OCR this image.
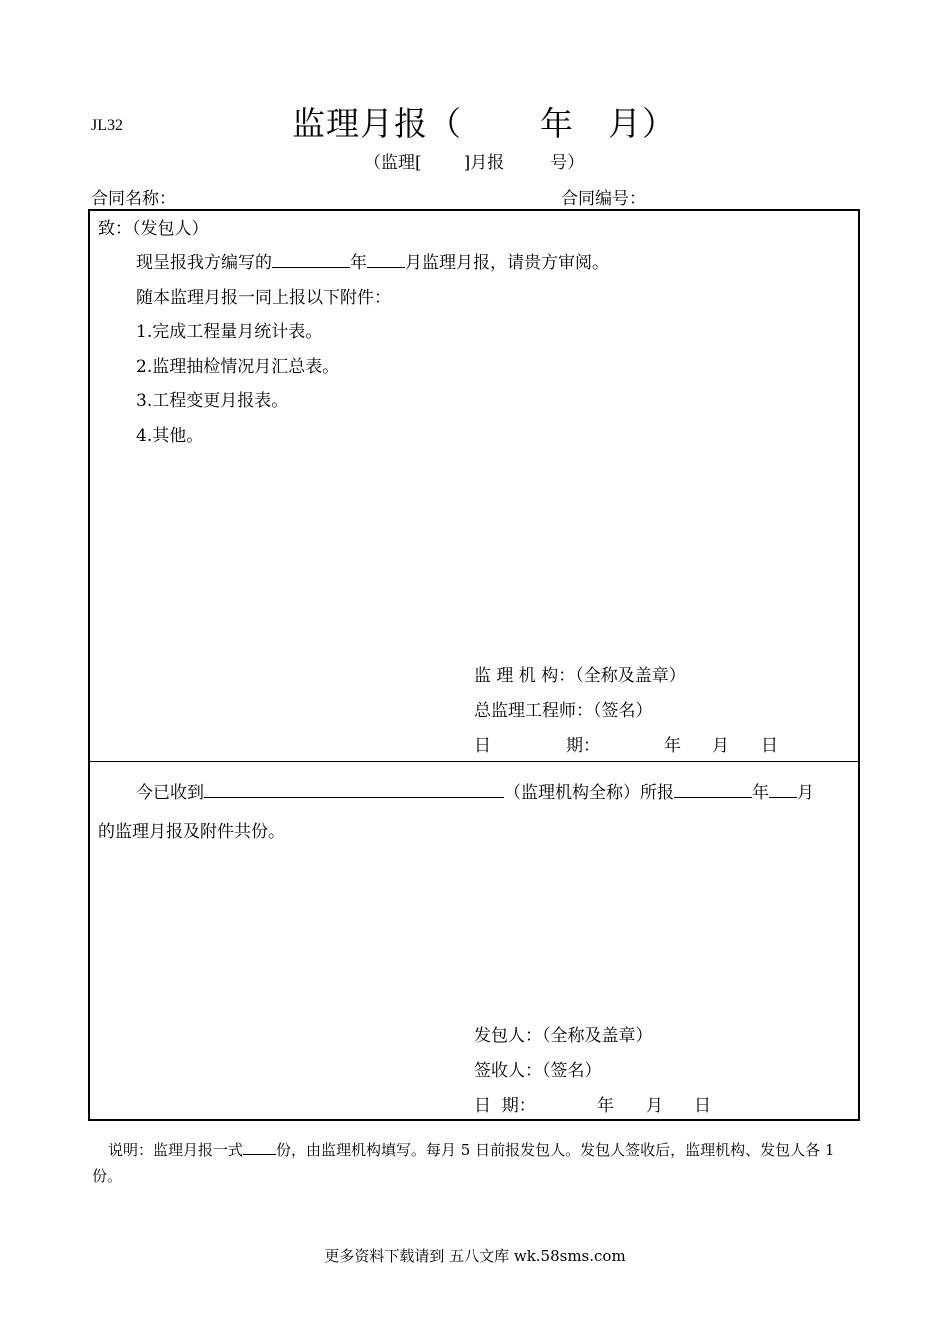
JL32	监理月报（ 年 月）
（监理[ ]月报	号）
合同名称：	合同编号：
致：（发包人）
现呈报我方编写的	年 月监理月报，请贵方审阅。
随本监理月报一同上报以下附件：
1.完成工程量月统计表。
2.监理抽检情况月汇总表。
3.工程变更月报表。
4.其他。
监 理 机 构：（全称及盖章）
总监理工程师：（签名）
日	期：	年 月 日
今已收到	（监理机构全称）所报	年 月
的监理月报及附件共份。
发包人：（全称及盖章）
签收人：（签名）
日  期：	年 月 日
说明：监理月报一式 份，由监理机构填写。每月 5 日前报发包人。发包人签收后，监理机构、发包人各 1 份。
更多资料下载请到 五八文库 wk.58sms.com
